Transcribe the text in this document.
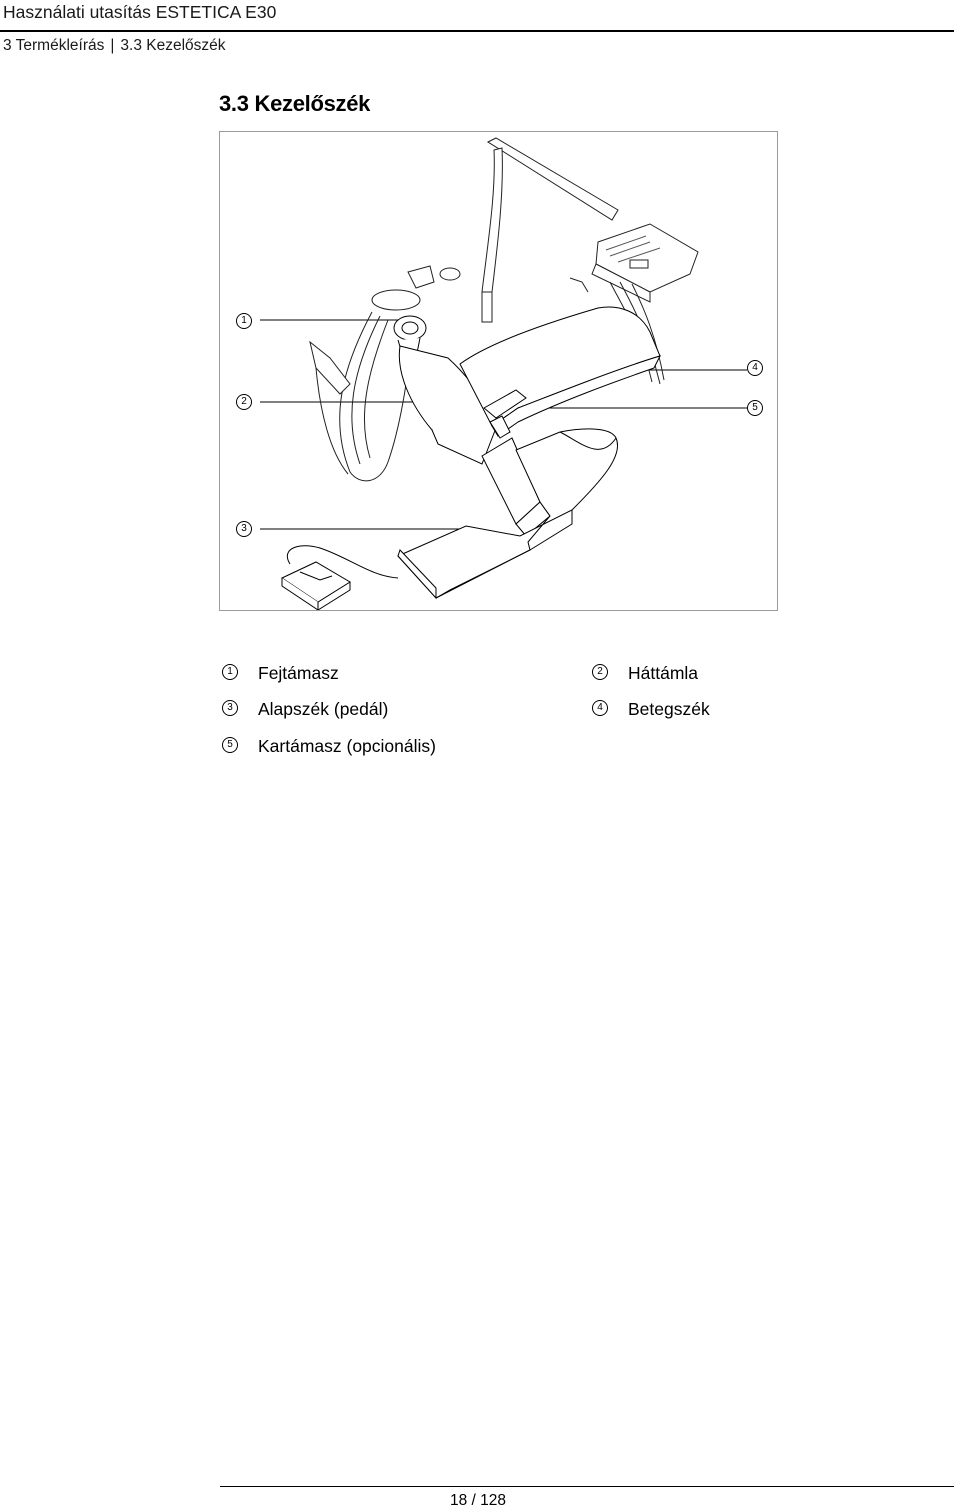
Használati utasítás ESTETICA E30
3 Termékleírás | 3.3 Kezelőszék
3.3 Kezelőszék
1
2
3
4
5
1 Fejtámasz	2 Háttámla
3 Alapszék (pedál)	4 Betegszék
5 Kartámasz (opcionális)
18 / 128
